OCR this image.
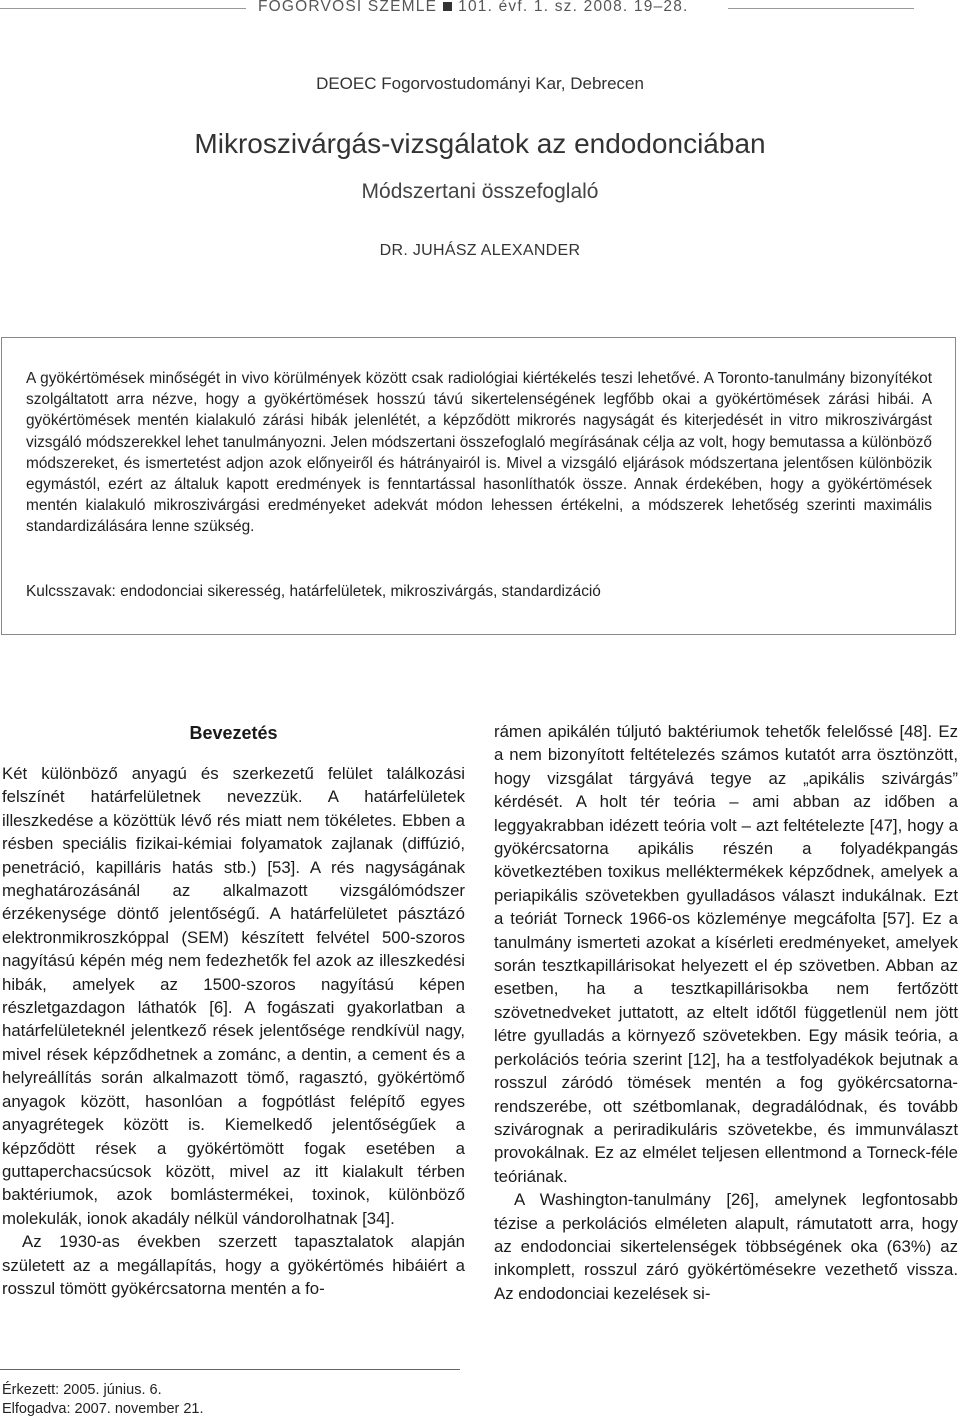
FOGORVOSI SZEMLE 101. évf. 1. sz. 2008. 19–28.
DEOEC Fogorvostudományi Kar, Debrecen
Mikroszivárgás-vizsgálatok az endodonciában
Módszertani összefoglaló
DR. JUHÁSZ ALEXANDER
A gyökértömések minőségét in vivo körülmények között csak radiológiai kiértékelés teszi lehetővé. A Toronto-tanulmány bizonyítékot szolgáltatott arra nézve, hogy a gyökértömések hosszú távú sikertelenségének legfőbb okai a gyökértömések zárási hibái. A gyökértömések mentén kialakuló zárási hibák jelenlétét, a képződött mikrorés nagyságát és kiterjedését in vitro mikroszivárgást vizsgáló módszerekkel lehet tanulmányozni. Jelen módszertani összefoglaló megírásának célja az volt, hogy bemutassa a különböző módszereket, és ismertetést adjon azok előnyeiről és hátrányairól is. Mivel a vizsgáló eljárások módszertana jelentősen különbözik egymástól, ezért az általuk kapott eredmények is fenntartással hasonlíthatók össze. Annak érdekében, hogy a gyökértömések mentén kialakuló mikroszivárgási eredményeket adekvát módon lehessen értékelni, a módszerek lehetőség szerinti maximális standardizálására lenne szükség.
Kulcsszavak: endodonciai sikeresség, határfelületek, mikroszivárgás, standardizáció
Bevezetés

Két különböző anyagú és szerkezetű felület találkozási felszínét határfelületnek nevezzük. A határfelületek illeszkedése a közöttük lévő rés miatt nem tökéletes. Ebben a résben speciális fizikai-kémiai folyamatok zajlanak (diffúzió, penetráció, kapilláris hatás stb.) [53]. A rés nagyságának meghatározásánál az alkalmazott vizsgálómódszer érzékenysége döntő jelentőségű. A határfelületet pásztázó elektronmikroszkóppal (SEM) készített felvétel 500-szoros nagyítású képén még nem fedezhetők fel azok az illeszkedési hibák, amelyek az 1500-szoros nagyítású képen részletgazdagon láthatók [6]. A fogászati gyakorlatban a határfelületeknél jelentkező rések jelentősége rendkívül nagy, mivel rések képződhetnek a zománc, a dentin, a cement és a helyreállítás során alkalmazott tömő, ragasztó, gyökértömő anyagok között, hasonlóan a fogpótlást felépítő egyes anyagrétegek között is. Kiemelkedő jelentőségűek a képződött rések a gyökértömött fogak esetében a guttaperchacsúcsok között, mivel az itt kialakult térben baktériumok, azok bomlástermékei, toxinok, különböző molekulák, ionok akadály nélkül vándorolhatnak [34].

Az 1930-as években szerzett tapasztalatok alapján született az a megállapítás, hogy a gyökértömés hibáiért a rosszul tömött gyökércsatorna mentén a fo-

rámen apikálén túljutó baktériumok tehetők felelőssé [48]. Ez a nem bizonyított feltételezés számos kutatót arra ösztönzött, hogy vizsgálat tárgyává tegye az „apikális szivárgás” kérdését. A holt tér teória – ami abban az időben a leggyakrabban idézett teória volt – azt feltételezte [47], hogy a gyökércsatorna apikális részén a folyadékpangás következtében toxikus melléktermékek képződnek, amelyek a periapikális szövetekben gyulladásos választ indukálnak. Ezt a teóriát Torneck 1966-os közleménye megcáfolta [57]. Ez a tanulmány ismerteti azokat a kísérleti eredményeket, amelyek során tesztkapillárisokat helyezett el ép szövetben. Abban az esetben, ha a tesztkapillárisokba nem fertőzött szövetnedveket juttatott, az eltelt időtől függetlenül nem jött létre gyulladás a környező szövetekben. Egy másik teória, a perkolációs teória szerint [12], ha a testfolyadékok bejutnak a rosszul záródó tömések mentén a fog gyökércsatorna-rendszerébe, ott szétbomlanak, degradálódnak, és tovább szivárognak a periradikuláris szövetekbe, és immunválaszt provokálnak. Ez az elmélet teljesen ellentmond a Torneck-féle teóriának.

A Washington-tanulmány [26], amelynek legfontosabb tézise a perkolációs elméleten alapult, rámutatott arra, hogy az endodonciai sikertelenségek többségének oka (63%) az inkomplett, rosszul záró gyökértömésekre vezethető vissza. Az endodonciai kezelések si-

Érkezett: 2005. június. 6.
Elfogadva: 2007. november 21.
